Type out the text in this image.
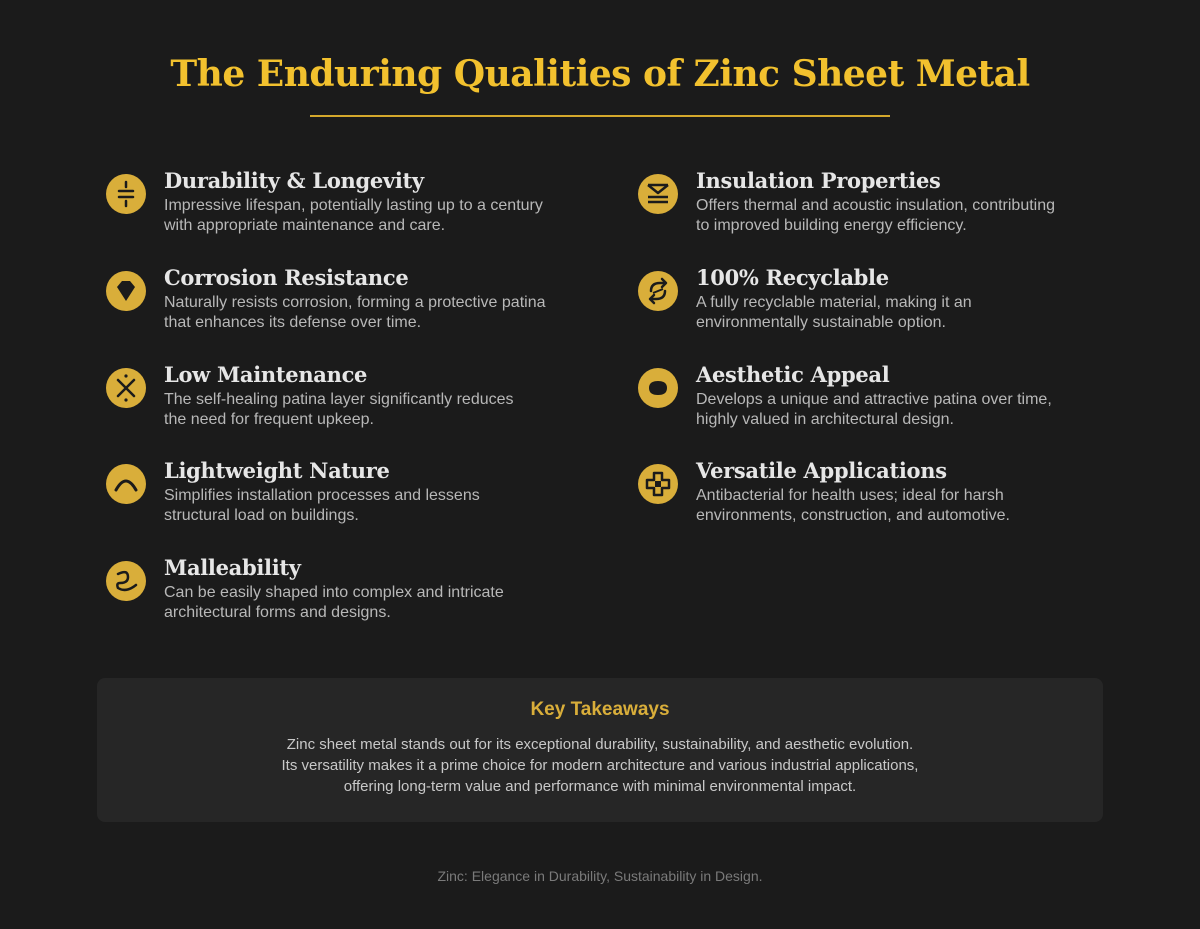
The Enduring Qualities of Zinc Sheet Metal
Durability & Longevity
Impressive lifespan, potentially lasting up to a century
with appropriate maintenance and care.
Corrosion Resistance
Naturally resists corrosion, forming a protective patina
that enhances its defense over time.
Low Maintenance
The self-healing patina layer significantly reduces
the need for frequent upkeep.
Lightweight Nature
Simplifies installation processes and lessens
structural load on buildings.
Malleability
Can be easily shaped into complex and intricate
architectural forms and designs.
Insulation Properties
Offers thermal and acoustic insulation, contributing
to improved building energy efficiency.
100% Recyclable
A fully recyclable material, making it an
environmentally sustainable option.
Aesthetic Appeal
Develops a unique and attractive patina over time,
highly valued in architectural design.
Versatile Applications
Antibacterial for health uses; ideal for harsh
environments, construction, and automotive.
Key Takeaways
Zinc sheet metal stands out for its exceptional durability, sustainability, and aesthetic evolution.
Its versatility makes it a prime choice for modern architecture and various industrial applications,
offering long-term value and performance with minimal environmental impact.
Zinc: Elegance in Durability, Sustainability in Design.
